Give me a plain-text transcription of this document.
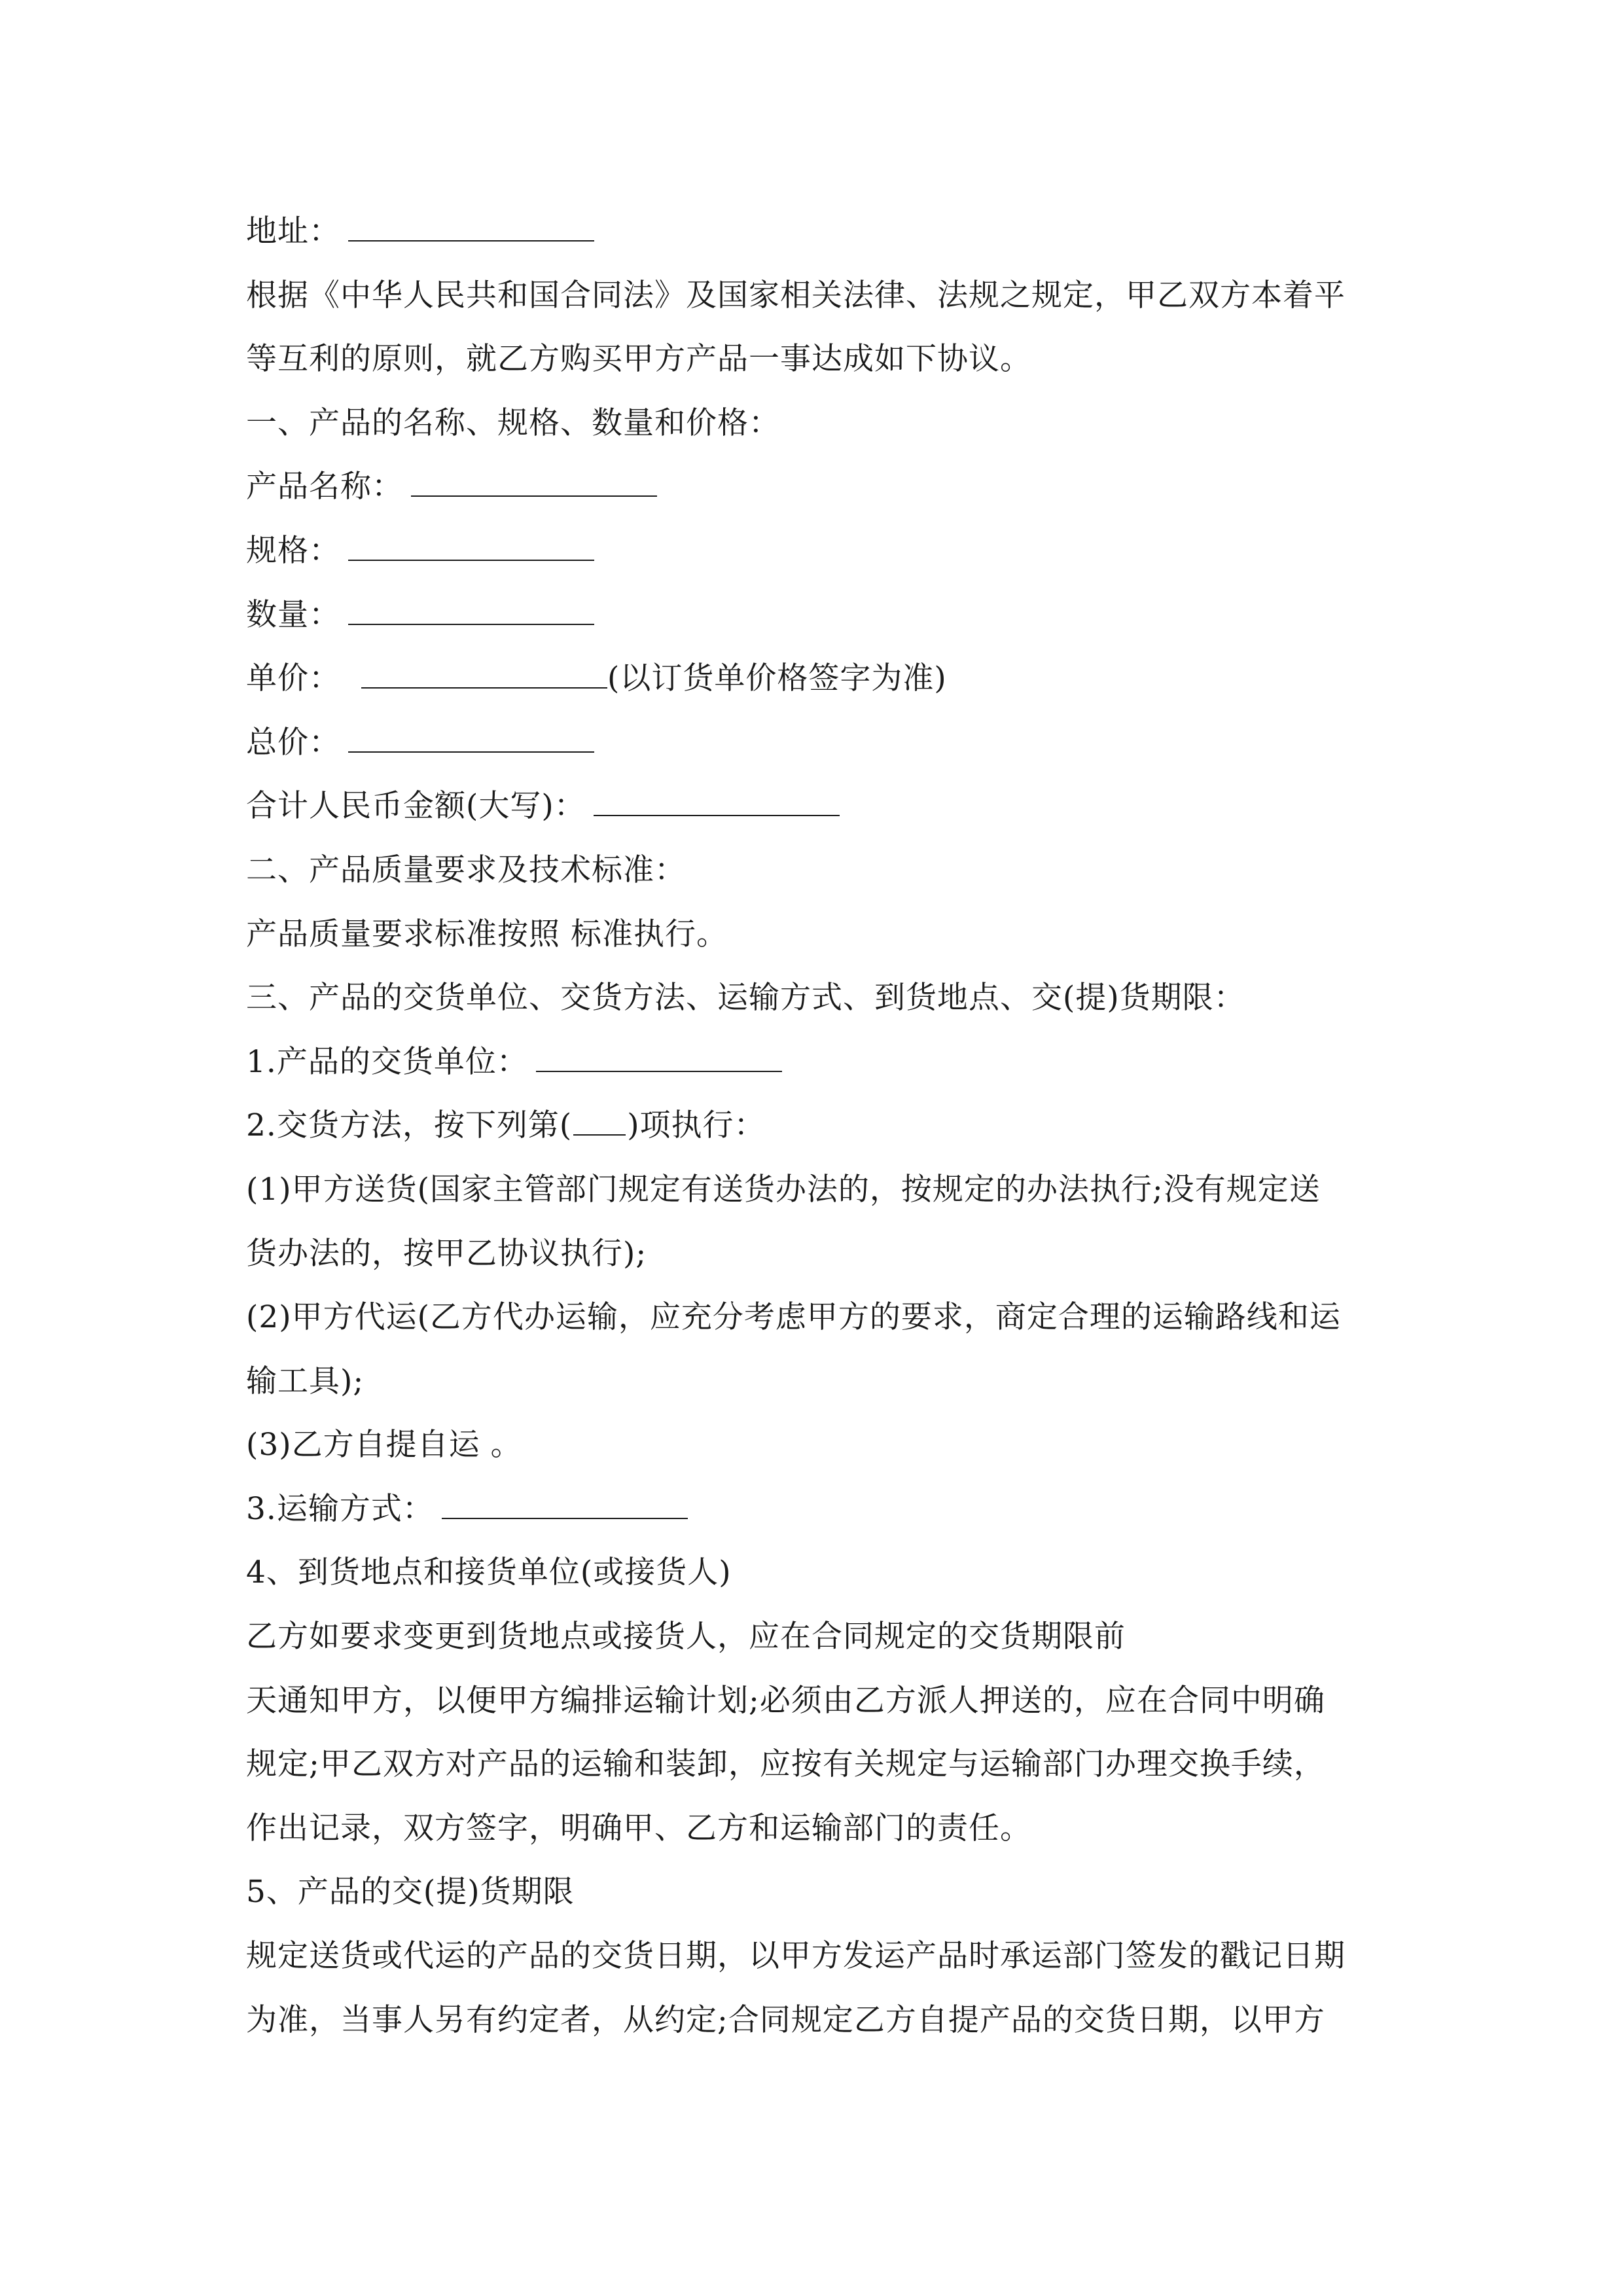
地址：
根据《中华人民共和国合同法》及国家相关法律、法规之规定，甲乙双方本着平
等互利的原则，就乙方购买甲方产品一事达成如下协议。
一、产品的名称、规格、数量和价格：
产品名称：
规格：
数量：
单价：	(以订货单价格签字为准)
总价：
合计人民币金额(大写)：
二、产品质量要求及技术标准：
产品质量要求标准按照 标准执行。
三、产品的交货单位、交货方法、运输方式、到货地点、交(提)货期限：
1.产品的交货单位：
2.交货方法，按下列第( )项执行：
(1)甲方送货(国家主管部门规定有送货办法的，按规定的办法执行;没有规定送
货办法的，按甲乙协议执行);
(2)甲方代运(乙方代办运输，应充分考虑甲方的要求，商定合理的运输路线和运
输工具);
(3)乙方自提自运 。
3.运输方式：
4、到货地点和接货单位(或接货人)
乙方如要求变更到货地点或接货人，应在合同规定的交货期限前
天通知甲方，以便甲方编排运输计划;必须由乙方派人押送的，应在合同中明确
规定;甲乙双方对产品的运输和装卸，应按有关规定与运输部门办理交换手续，
作出记录，双方签字，明确甲、乙方和运输部门的责任。
5、产品的交(提)货期限
规定送货或代运的产品的交货日期，以甲方发运产品时承运部门签发的戳记日期
为准，当事人另有约定者，从约定;合同规定乙方自提产品的交货日期，以甲方
